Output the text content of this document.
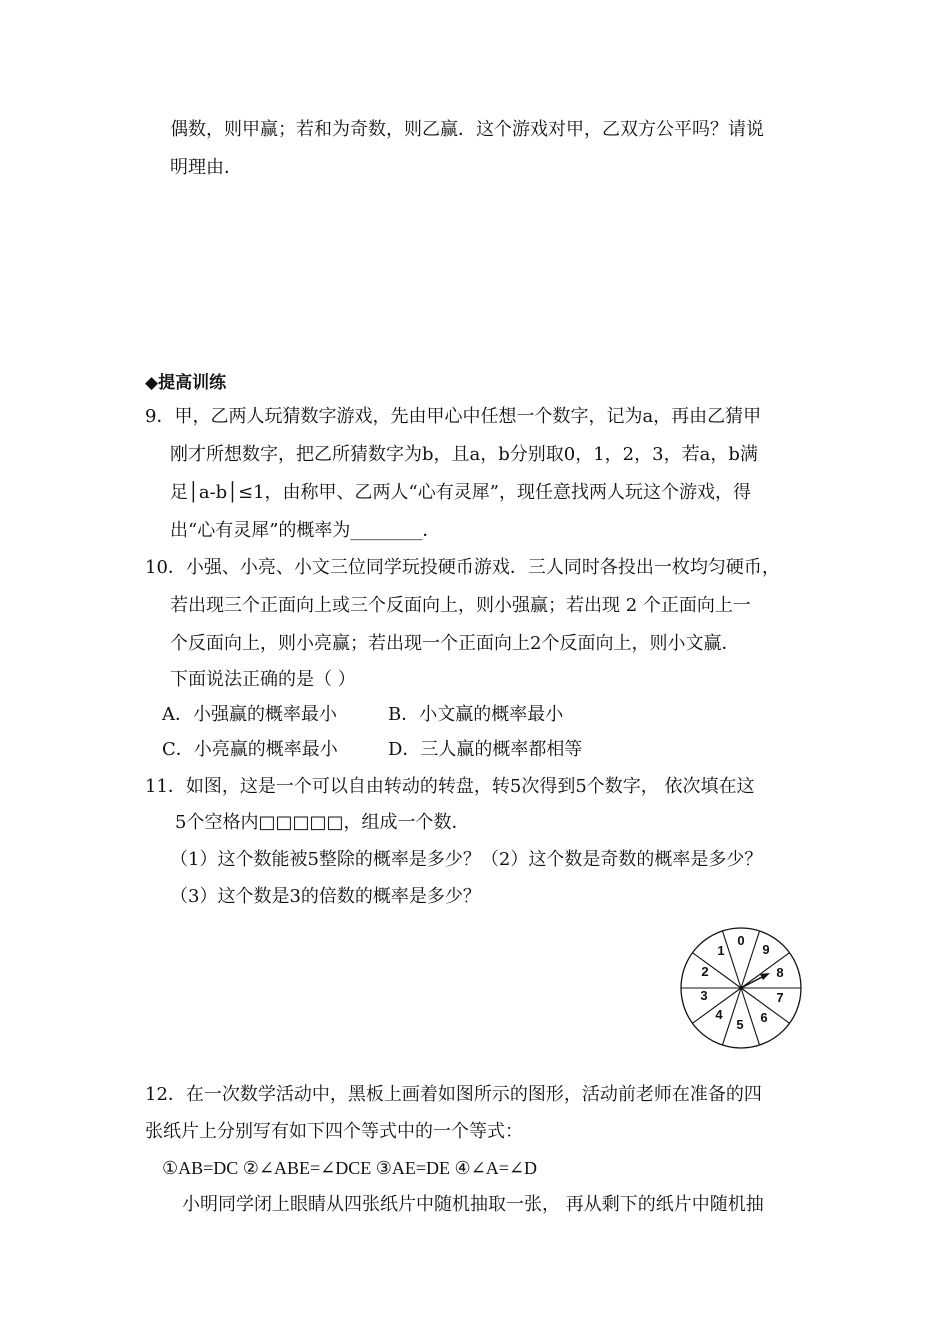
偶数，则甲赢；若和为奇数，则乙赢．这个游戏对甲，乙双方公平吗？请说
明理由．
◆提高训练
9．甲，乙两人玩猜数字游戏，先由甲心中任想一个数字，记为a，再由乙猜甲
刚才所想数字，把乙所猜数字为b，且a，b分别取0，1，2，3，若a，b满
足│a-b│≤1，由称甲、乙两人“心有灵犀”，现任意找两人玩这个游戏，得
出“心有灵犀”的概率为________．
10．小强、小亮、小文三位同学玩投硬币游戏．三人同时各投出一枚均匀硬币，
若出现三个正面向上或三个反面向上，则小强赢；若出现 2 个正面向上一
个反面向上，则小亮赢；若出现一个正面向上2个反面向上，则小文赢．
下面说法正确的是（ ）
A．小强赢的概率最小	B．小文赢的概率最小
C．小亮赢的概率最小	D．三人赢的概率都相等
11．如图，这是一个可以自由转动的转盘，转5次得到5个数字， 依次填在这
5个空格内□□□□□，组成一个数．
（1）这个数能被5整除的概率是多少？（2）这个数是奇数的概率是多少？
（3）这个数是3的倍数的概率是多少？
0
9
8
7
6
5
4
3
2
1
12．在一次数学活动中，黑板上画着如图所示的图形，活动前老师在准备的四
张纸片上分别写有如下四个等式中的一个等式：
①AB=DC ②∠ABE=∠DCE ③AE=DE ④∠A=∠D
小明同学闭上眼睛从四张纸片中随机抽取一张， 再从剩下的纸片中随机抽
